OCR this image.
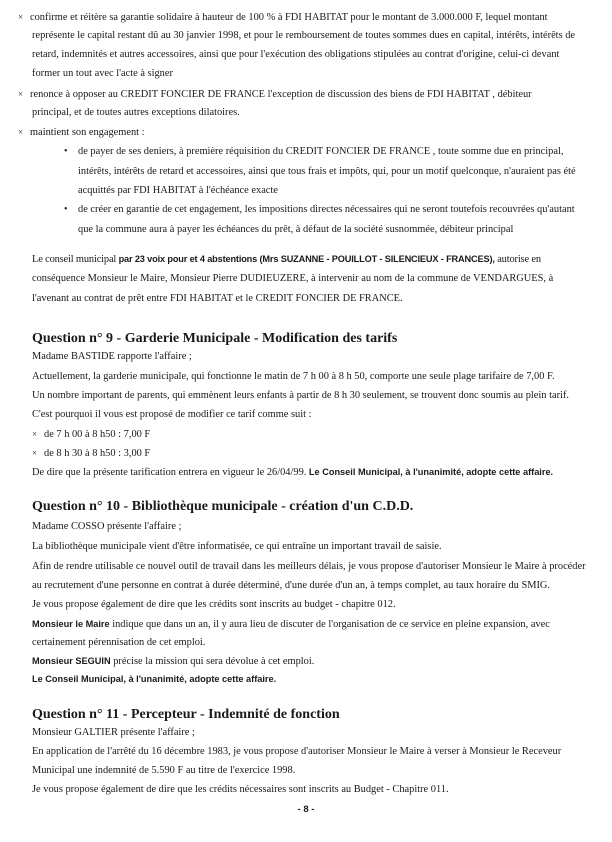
× confirme et réitère sa garantie solidaire à hauteur de 100 % à FDI HABITAT pour le montant de 3.000.000 F, lequel montant
représente le capital restant dû au 30 janvier 1998, et pour le remboursement de toutes sommes dues en capital, intérêts, intérêts de
retard, indemnités et autres accessoires, ainsi que pour l'exécution des obligations stipulées au contrat d'origine, celui-ci devant
former un tout avec l'acte à signer
× renonce à opposer au CREDIT FONCIER DE FRANCE l'exception de discussion des biens de FDI HABITAT , débiteur
principal, et de toutes autres exceptions dilatoires.
× maintient son engagement :
• de payer de ses deniers, à première réquisition du CREDIT FONCIER DE FRANCE , toute somme due en principal,
intérêts, intérêts de retard et accessoires, ainsi que tous frais et impôts, qui, pour un motif quelconque, n'auraient pas été
acquittés par FDI HABITAT à l'échéance exacte
• de créer en garantie de cet engagement, les impositions directes nécessaires qui ne seront toutefois recouvrées qu'autant
que la commune aura à payer les échéances du prêt, à défaut de la société susnommée, débiteur principal
Le conseil municipal par 23 voix pour et 4 abstentions (Mrs SUZANNE - POUILLOT - SILENCIEUX - FRANCES), autorise en
conséquence Monsieur le Maire, Monsieur Pierre DUDIEUZERE, à intervenir au nom de la commune de VENDARGUES, à
l'avenant au contrat de prêt entre FDI HABITAT et le CREDIT FONCIER DE FRANCE.
Question n° 9 - Garderie Municipale - Modification des tarifs
Madame BASTIDE rapporte l'affaire ;
Actuellement, la garderie municipale, qui fonctionne le matin de 7 h 00 à 8 h 50, comporte une seule plage tarifaire de 7,00 F.
Un nombre important de parents, qui emmènent leurs enfants à partir de 8 h 30 seulement, se trouvent donc soumis au plein tarif.
C'est pourquoi il vous est proposé de modifier ce tarif comme suit :
× de 7 h 00 à 8 h50 : 7,00 F
× de 8 h 30 à 8 h50 : 3,00 F
De dire que la présente tarification entrera en vigueur le 26/04/99. Le Conseil Municipal, à l'unanimité, adopte cette affaire.
Question n° 10 - Bibliothèque municipale - création d'un C.D.D.
Madame COSSO présente l'affaire ;
La bibliothèque municipale vient d'être informatisée, ce qui entraîne un important travail de saisie.
Afin de rendre utilisable ce nouvel outil de travail dans les meilleurs délais, je vous propose d'autoriser Monsieur le Maire à procéder
au recrutement d'une personne en contrat à durée déterminé, d'une durée d'un an, à temps complet, au taux horaire du SMIG.
Je vous propose également de dire que les crédits sont inscrits au budget - chapitre 012.
Monsieur le Maire indique que dans un an, il y aura lieu de discuter de l'organisation de ce service en pleine expansion, avec
certainement pérennisation de cet emploi.
Monsieur SEGUIN précise la mission qui sera dévolue à cet emploi.
Le Conseil Municipal, à l'unanimité, adopte cette affaire.
Question n° 11 - Percepteur - Indemnité de fonction
Monsieur GALTIER présente l'affaire ;
En application de l'arrêté du 16 décembre 1983, je vous propose d'autoriser Monsieur le Maire à verser à Monsieur le Receveur
Municipal une indemnité de 5.590 F au titre de l'exercice 1998.
Je vous propose également de dire que les crédits nécessaires sont inscrits au Budget - Chapitre 011.
- 8 -
